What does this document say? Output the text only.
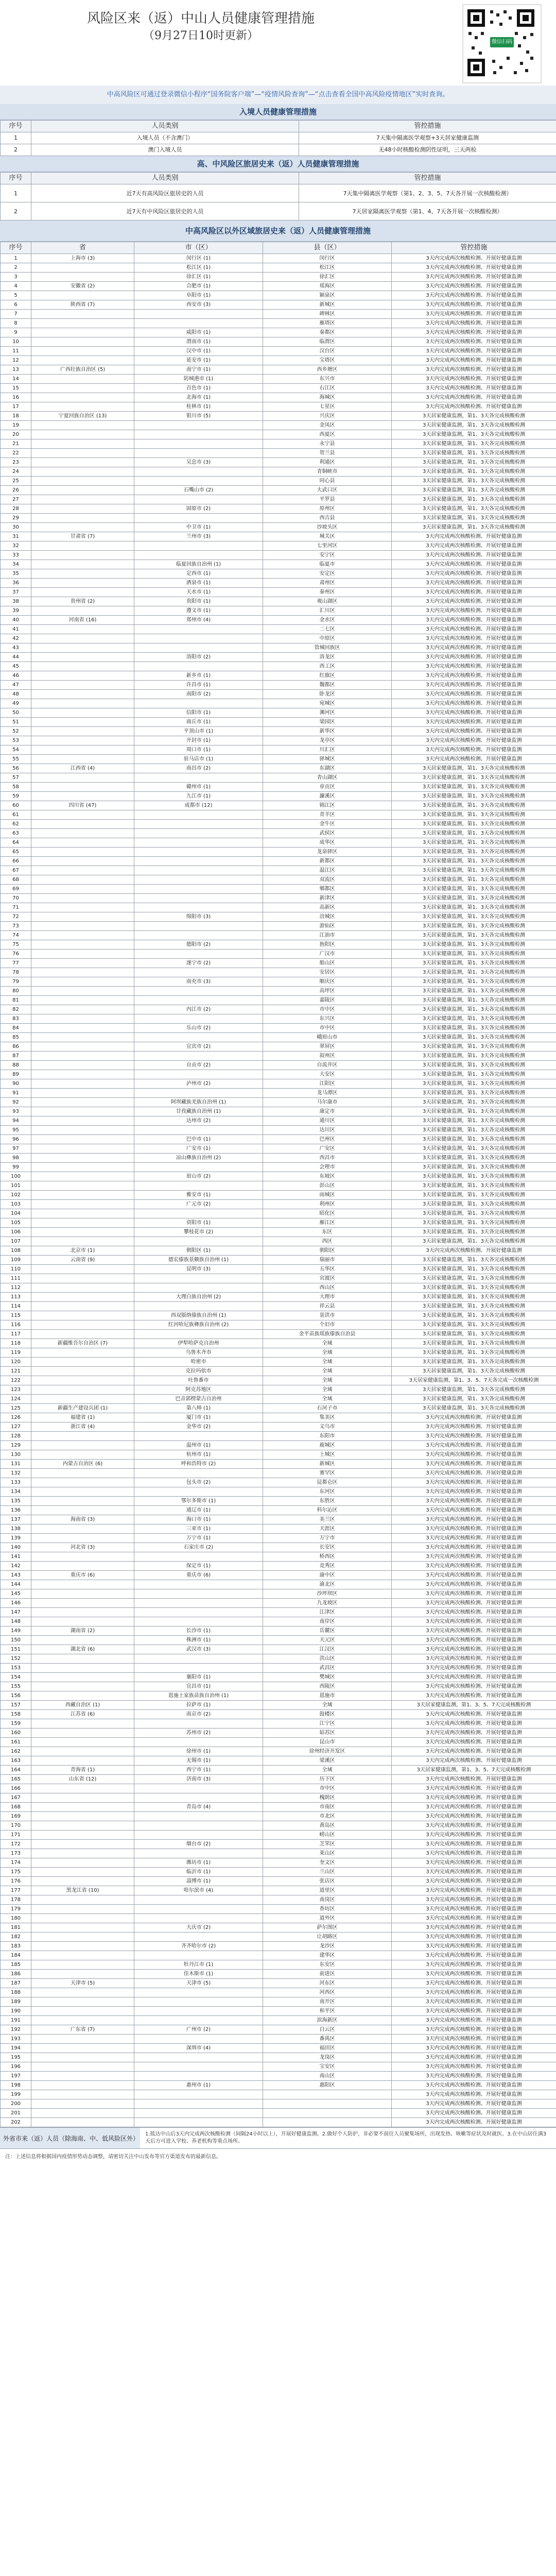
风险区来（返）中山人员健康管理措施
（9月27日10时更新）	微信扫码
中高风险区可通过登录微信小程序“国务院客户端”—“疫情风险查询”—“点击查看全国中高风险疫情地区”实时查询。
入境人员健康管理措施
序号	人员类别	管控措施
1	入境人员（不含澳门）	7天集中隔离医学观察+3天居家健康监测
2	澳门入境人员	无48小时核酸检测阴性证明，三天两检
高、中风险区旅居史来（返）人员健康管理措施
序号	人员类别	管控措施
1	近7天有高风险区旅居史的人员	7天集中隔离医学观察（第1、2、3、5、7天各开展一次核酸检测）
2	近7天有中风险区旅居史的人员	7天居家隔离医学观察（第1、4、7天各开展一次核酸检测）
中高风险区以外区域旅居史来（返）人员健康管理措施
序号	省	市（区）	县（区）	管控措施
1	上海市 (3)	闵行区 (1)	闵行区	3天内完成两次核酸检测、开展好健康监测
2		松江区 (1)	松江区	3天内完成两次核酸检测、开展好健康监测
3		徐汇区 (1)	徐汇区	3天内完成两次核酸检测、开展好健康监测
4	安徽省 (2)	合肥市 (1)	瑶海区	3天内完成两次核酸检测、开展好健康监测
5		阜阳市 (1)	颍泉区	3天内完成两次核酸检测、开展好健康监测
6	陕西省 (7)	西安市 (3)	新城区	3天内完成两次核酸检测、开展好健康监测
7			碑林区	3天内完成两次核酸检测、开展好健康监测
8			雁塔区	3天内完成两次核酸检测、开展好健康监测
9		咸阳市 (1)	秦都区	3天内完成两次核酸检测、开展好健康监测
10		渭南市 (1)	临渭区	3天内完成两次核酸检测、开展好健康监测
11		汉中市 (1)	汉台区	3天内完成两次核酸检测、开展好健康监测
12		延安市 (1)	宝塔区	3天内完成两次核酸检测、开展好健康监测
13	广西壮族自治区 (5)	南宁市 (1)	西乡塘区	3天内完成两次核酸检测、开展好健康监测
14		防城港市 (1)	东兴市	3天内完成两次核酸检测、开展好健康监测
15		百色市 (1)	右江区	3天内完成两次核酸检测、开展好健康监测
16		北海市 (1)	海城区	3天内完成两次核酸检测、开展好健康监测
17		桂林市 (1)	七星区	3天内完成两次核酸检测、开展好健康监测
18	宁夏回族自治区 (13)	银川市 (5)	兴庆区	3天居家健康监测，第1、3天各完成核酸检测
19			金凤区	3天居家健康监测，第1、3天各完成核酸检测
20			西夏区	3天居家健康监测，第1、3天各完成核酸检测
21			永宁县	3天居家健康监测，第1、3天各完成核酸检测
22			贺兰县	3天居家健康监测，第1、3天各完成核酸检测
23		吴忠市 (3)	利通区	3天居家健康监测，第1、3天各完成核酸检测
24			青铜峡市	3天居家健康监测，第1、3天各完成核酸检测
25			同心县	3天居家健康监测，第1、3天各完成核酸检测
26		石嘴山市 (2)	大武口区	3天居家健康监测，第1、3天各完成核酸检测
27			平罗县	3天居家健康监测，第1、3天各完成核酸检测
28		固原市 (2)	原州区	3天居家健康监测，第1、3天各完成核酸检测
29			西吉县	3天居家健康监测，第1、3天各完成核酸检测
30		中卫市 (1)	沙坡头区	3天居家健康监测，第1、3天各完成核酸检测
31	甘肃省 (7)	兰州市 (3)	城关区	3天内完成两次核酸检测、开展好健康监测
32			七里河区	3天内完成两次核酸检测、开展好健康监测
33			安宁区	3天内完成两次核酸检测、开展好健康监测
34		临夏回族自治州 (1)	临夏市	3天内完成两次核酸检测、开展好健康监测
35		定西市 (1)	安定区	3天内完成两次核酸检测、开展好健康监测
36		酒泉市 (1)	肃州区	3天内完成两次核酸检测、开展好健康监测
37		天水市 (1)	秦州区	3天内完成两次核酸检测、开展好健康监测
38	贵州省 (2)	贵阳市 (1)	观山湖区	3天内完成两次核酸检测、开展好健康监测
39		遵义市 (1)	汇川区	3天内完成两次核酸检测、开展好健康监测
40	河南省 (16)	郑州市 (4)	金水区	3天内完成两次核酸检测、开展好健康监测
41			二七区	3天内完成两次核酸检测、开展好健康监测
42			中原区	3天内完成两次核酸检测、开展好健康监测
43			管城回族区	3天内完成两次核酸检测、开展好健康监测
44		洛阳市 (2)	洛龙区	3天内完成两次核酸检测、开展好健康监测
45			西工区	3天内完成两次核酸检测、开展好健康监测
46		新乡市 (1)	红旗区	3天内完成两次核酸检测、开展好健康监测
47		许昌市 (1)	魏都区	3天内完成两次核酸检测、开展好健康监测
48		南阳市 (2)	卧龙区	3天内完成两次核酸检测、开展好健康监测
49			宛城区	3天内完成两次核酸检测、开展好健康监测
50		信阳市 (1)	浉河区	3天内完成两次核酸检测、开展好健康监测
51		商丘市 (1)	梁园区	3天内完成两次核酸检测、开展好健康监测
52		平顶山市 (1)	新华区	3天内完成两次核酸检测、开展好健康监测
53		开封市 (1)	龙亭区	3天内完成两次核酸检测、开展好健康监测
54		周口市 (1)	川汇区	3天内完成两次核酸检测、开展好健康监测
55		驻马店市 (1)	驿城区	3天内完成两次核酸检测、开展好健康监测
56	江西省 (4)	南昌市 (2)	东湖区	3天居家健康监测，第1、3天各完成核酸检测
57			青山湖区	3天居家健康监测，第1、3天各完成核酸检测
58		赣州市 (1)	章贡区	3天居家健康监测，第1、3天各完成核酸检测
59		九江市 (1)	濂溪区	3天居家健康监测，第1、3天各完成核酸检测
60	四川省 (47)	成都市 (12)	锦江区	3天居家健康监测，第1、3天各完成核酸检测
61			青羊区	3天居家健康监测，第1、3天各完成核酸检测
62			金牛区	3天居家健康监测，第1、3天各完成核酸检测
63			武侯区	3天居家健康监测，第1、3天各完成核酸检测
64			成华区	3天居家健康监测，第1、3天各完成核酸检测
65			龙泉驿区	3天居家健康监测，第1、3天各完成核酸检测
66			新都区	3天居家健康监测，第1、3天各完成核酸检测
67			温江区	3天居家健康监测，第1、3天各完成核酸检测
68			双流区	3天居家健康监测，第1、3天各完成核酸检测
69			郫都区	3天居家健康监测，第1、3天各完成核酸检测
70			新津区	3天居家健康监测，第1、3天各完成核酸检测
71			高新区	3天居家健康监测，第1、3天各完成核酸检测
72		绵阳市 (3)	涪城区	3天居家健康监测，第1、3天各完成核酸检测
73			游仙区	3天居家健康监测，第1、3天各完成核酸检测
74			江油市	3天居家健康监测，第1、3天各完成核酸检测
75		德阳市 (2)	旌阳区	3天居家健康监测，第1、3天各完成核酸检测
76			广汉市	3天居家健康监测，第1、3天各完成核酸检测
77		遂宁市 (2)	船山区	3天居家健康监测，第1、3天各完成核酸检测
78			安居区	3天居家健康监测，第1、3天各完成核酸检测
79		南充市 (3)	顺庆区	3天居家健康监测，第1、3天各完成核酸检测
80			高坪区	3天居家健康监测，第1、3天各完成核酸检测
81			嘉陵区	3天居家健康监测，第1、3天各完成核酸检测
82		内江市 (2)	市中区	3天居家健康监测，第1、3天各完成核酸检测
83			东兴区	3天居家健康监测，第1、3天各完成核酸检测
84		乐山市 (2)	市中区	3天居家健康监测，第1、3天各完成核酸检测
85			峨眉山市	3天居家健康监测，第1、3天各完成核酸检测
86		宜宾市 (2)	翠屏区	3天居家健康监测，第1、3天各完成核酸检测
87			叙州区	3天居家健康监测，第1、3天各完成核酸检测
88		自贡市 (2)	自流井区	3天居家健康监测，第1、3天各完成核酸检测
89			大安区	3天居家健康监测，第1、3天各完成核酸检测
90		泸州市 (2)	江阳区	3天居家健康监测，第1、3天各完成核酸检测
91			龙马潭区	3天居家健康监测，第1、3天各完成核酸检测
92		阿坝藏族羌族自治州 (1)	马尔康市	3天居家健康监测，第1、3天各完成核酸检测
93		甘孜藏族自治州 (1)	康定市	3天居家健康监测，第1、3天各完成核酸检测
94		达州市 (2)	通川区	3天居家健康监测，第1、3天各完成核酸检测
95			达川区	3天居家健康监测，第1、3天各完成核酸检测
96		巴中市 (1)	巴州区	3天居家健康监测，第1、3天各完成核酸检测
97		广安市 (1)	广安区	3天居家健康监测，第1、3天各完成核酸检测
98		凉山彝族自治州 (2)	西昌市	3天居家健康监测，第1、3天各完成核酸检测
99			会理市	3天居家健康监测，第1、3天各完成核酸检测
100		眉山市 (2)	东坡区	3天居家健康监测，第1、3天各完成核酸检测
101			彭山区	3天居家健康监测，第1、3天各完成核酸检测
102		雅安市 (1)	雨城区	3天居家健康监测，第1、3天各完成核酸检测
103		广元市 (2)	利州区	3天居家健康监测，第1、3天各完成核酸检测
104			昭化区	3天居家健康监测，第1、3天各完成核酸检测
105		资阳市 (1)	雁江区	3天居家健康监测，第1、3天各完成核酸检测
106		攀枝花市 (2)	东区	3天居家健康监测，第1、3天各完成核酸检测
107			西区	3天居家健康监测，第1、3天各完成核酸检测
108	北京市 (1)	朝阳区 (1)	朝阳区	3天内完成两次核酸检测、开展好健康监测
109	云南省 (9)	德宏傣族景颇族自治州 (1)	瑞丽市	3天居家健康监测，第1、3天各完成核酸检测
110		昆明市 (3)	五华区	3天居家健康监测，第1、3天各完成核酸检测
111			官渡区	3天居家健康监测，第1、3天各完成核酸检测
112			西山区	3天居家健康监测，第1、3天各完成核酸检测
113		大理白族自治州 (2)	大理市	3天居家健康监测，第1、3天各完成核酸检测
114			祥云县	3天居家健康监测，第1、3天各完成核酸检测
115		西双版纳傣族自治州 (1)	景洪市	3天居家健康监测，第1、3天各完成核酸检测
116		红河哈尼族彝族自治州 (2)	个旧市	3天居家健康监测，第1、3天各完成核酸检测
117			金平苗族瑶族傣族自治县	3天居家健康监测，第1、3天各完成核酸检测
118	新疆维吾尔自治区 (7)	伊犁哈萨克自治州	全域	3天居家健康监测，第1、3天各完成核酸检测
119		乌鲁木齐市	全域	3天居家健康监测，第1、3天各完成核酸检测
120		哈密市	全域	3天居家健康监测，第1、3天各完成核酸检测
121		克拉玛依市	全域	3天居家健康监测，第1、3天各完成核酸检测
122		吐鲁番市	全域	3天居家健康监测，第1、3、5、7天各完成一次核酸检测
123		阿克苏地区	全域	3天居家健康监测，第1、3天各完成核酸检测
124		巴音郭楞蒙古自治州	全域	3天居家健康监测，第1、3天各完成核酸检测
125	新疆生产建设兵团 (1)	第八师 (1)	石河子市	3天居家健康监测，第1、3天各完成核酸检测
126	福建省 (1)	厦门市 (1)	集美区	3天内完成两次核酸检测、开展好健康监测
127	浙江省 (4)	金华市 (2)	义乌市	3天内完成两次核酸检测、开展好健康监测
128			东阳市	3天内完成两次核酸检测、开展好健康监测
129		温州市 (1)	鹿城区	3天内完成两次核酸检测、开展好健康监测
130		杭州市 (1)	上城区	3天内完成两次核酸检测、开展好健康监测
131	内蒙古自治区 (6)	呼和浩特市 (2)	新城区	3天内完成两次核酸检测、开展好健康监测
132			赛罕区	3天内完成两次核酸检测、开展好健康监测
133		包头市 (2)	昆都仑区	3天内完成两次核酸检测、开展好健康监测
134			东河区	3天内完成两次核酸检测、开展好健康监测
135		鄂尔多斯市 (1)	东胜区	3天内完成两次核酸检测、开展好健康监测
136		通辽市 (1)	科尔沁区	3天内完成两次核酸检测、开展好健康监测
137	海南省 (3)	海口市 (1)	美兰区	3天内完成两次核酸检测、开展好健康监测
138		三亚市 (1)	天涯区	3天内完成两次核酸检测、开展好健康监测
139		万宁市 (1)	万宁市	3天内完成两次核酸检测、开展好健康监测
140	河北省 (3)	石家庄市 (2)	长安区	3天内完成两次核酸检测、开展好健康监测
141			桥西区	3天内完成两次核酸检测、开展好健康监测
142		保定市 (1)	竞秀区	3天内完成两次核酸检测、开展好健康监测
143	重庆市 (6)	重庆市 (6)	渝中区	3天内完成两次核酸检测、开展好健康监测
144			渝北区	3天内完成两次核酸检测、开展好健康监测
145			沙坪坝区	3天内完成两次核酸检测、开展好健康监测
146			九龙坡区	3天内完成两次核酸检测、开展好健康监测
147			江津区	3天内完成两次核酸检测、开展好健康监测
148			南岸区	3天内完成两次核酸检测、开展好健康监测
149	湖南省 (2)	长沙市 (1)	岳麓区	3天内完成两次核酸检测、开展好健康监测
150		株洲市 (1)	天元区	3天内完成两次核酸检测、开展好健康监测
151	湖北省 (6)	武汉市 (3)	江汉区	3天内完成两次核酸检测、开展好健康监测
152			洪山区	3天内完成两次核酸检测、开展好健康监测
153			武昌区	3天内完成两次核酸检测、开展好健康监测
154		襄阳市 (1)	樊城区	3天内完成两次核酸检测、开展好健康监测
155		宜昌市 (1)	西陵区	3天内完成两次核酸检测、开展好健康监测
156		恩施土家族苗族自治州 (1)	恩施市	3天内完成两次核酸检测、开展好健康监测
157	西藏自治区 (1)	拉萨市 (1)	全域	3天居家健康监测，第1、3、5、7天完成核酸检测
158	江苏省 (6)	南京市 (2)	鼓楼区	3天内完成两次核酸检测、开展好健康监测
159			江宁区	3天内完成两次核酸检测、开展好健康监测
160		苏州市 (2)	姑苏区	3天内完成两次核酸检测、开展好健康监测
161			昆山市	3天内完成两次核酸检测、开展好健康监测
162		徐州市 (1)	徐州经济开发区	3天内完成两次核酸检测、开展好健康监测
163		无锡市 (1)	梁溪区	3天内完成两次核酸检测、开展好健康监测
164	青海省 (1)	西宁市 (1)	全域	3天居家健康监测，第1、3、5、7天完成核酸检测
165	山东省 (12)	济南市 (3)	历下区	3天内完成两次核酸检测、开展好健康监测
166			市中区	3天内完成两次核酸检测、开展好健康监测
167			槐荫区	3天内完成两次核酸检测、开展好健康监测
168		青岛市 (4)	市南区	3天内完成两次核酸检测、开展好健康监测
169			市北区	3天内完成两次核酸检测、开展好健康监测
170			黄岛区	3天内完成两次核酸检测、开展好健康监测
171			崂山区	3天内完成两次核酸检测、开展好健康监测
172		烟台市 (2)	芝罘区	3天内完成两次核酸检测、开展好健康监测
173			莱山区	3天内完成两次核酸检测、开展好健康监测
174		潍坊市 (1)	奎文区	3天内完成两次核酸检测、开展好健康监测
175		临沂市 (1)	兰山区	3天内完成两次核酸检测、开展好健康监测
176		淄博市 (1)	张店区	3天内完成两次核酸检测、开展好健康监测
177	黑龙江省 (10)	哈尔滨市 (4)	道里区	3天内完成两次核酸检测、开展好健康监测
178			南岗区	3天内完成两次核酸检测、开展好健康监测
179			香坊区	3天内完成两次核酸检测、开展好健康监测
180			道外区	3天内完成两次核酸检测、开展好健康监测
181		大庆市 (2)	萨尔图区	3天内完成两次核酸检测、开展好健康监测
182			让胡路区	3天内完成两次核酸检测、开展好健康监测
183		齐齐哈尔市 (2)	龙沙区	3天内完成两次核酸检测、开展好健康监测
184			建华区	3天内完成两次核酸检测、开展好健康监测
185		牡丹江市 (1)	东安区	3天内完成两次核酸检测、开展好健康监测
186		佳木斯市 (1)	前进区	3天内完成两次核酸检测、开展好健康监测
187	天津市 (5)	天津市 (5)	河东区	3天内完成两次核酸检测、开展好健康监测
188			河西区	3天内完成两次核酸检测、开展好健康监测
189			南开区	3天内完成两次核酸检测、开展好健康监测
190			和平区	3天内完成两次核酸检测、开展好健康监测
191			滨海新区	3天内完成两次核酸检测、开展好健康监测
192	广东省 (7)	广州市 (2)	白云区	3天内完成两次核酸检测、开展好健康监测
193			番禺区	3天内完成两次核酸检测、开展好健康监测
194		深圳市 (4)	福田区	3天内完成两次核酸检测、开展好健康监测
195			龙岗区	3天内完成两次核酸检测、开展好健康监测
196			宝安区	3天内完成两次核酸检测、开展好健康监测
197			南山区	3天内完成两次核酸检测、开展好健康监测
198		惠州市 (1)	惠阳区	3天内完成两次核酸检测、开展好健康监测
199				3天内完成两次核酸检测、开展好健康监测
200				3天内完成两次核酸检测、开展好健康监测
201				3天内完成两次核酸检测、开展好健康监测
202				3天内完成两次核酸检测、开展好健康监测
外省市来（返）人员（除海南、中、低风险区外）
1.抵达中山后3天内完成两次核酸检测（间隔24小时以上），开展好健康监测。2.做好个人防护，非必要不前往人员聚集场所，出现发热、咳嗽等症状及时就医。3.在中山居住满3天后方可进入学校、养老机构等重点场所。
注：上述信息将根据国内疫情形势动态调整，请密切关注中山发布等官方渠道发布的最新信息。
